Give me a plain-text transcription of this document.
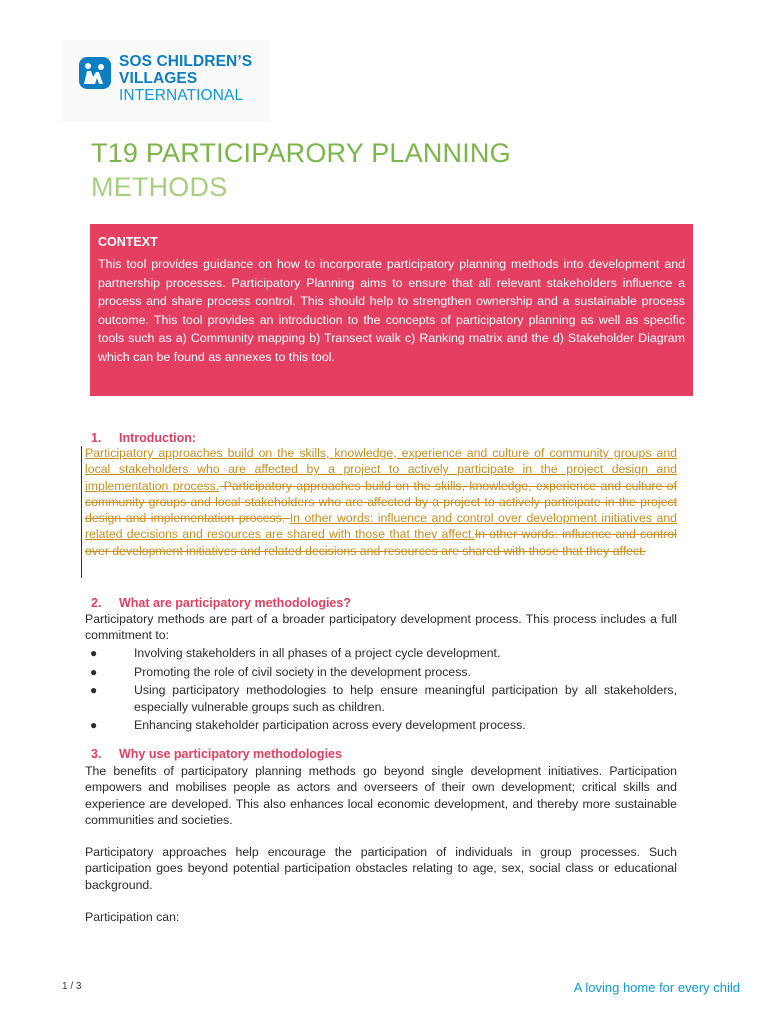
SOS CHILDREN’S
VILLAGES
INTERNATIONAL
T19 PARTICIPARORY PLANNING
METHODS
CONTEXT
This tool provides guidance on how to incorporate participatory planning methods into development and partnership processes. Participatory Planning aims to ensure that all relevant stakeholders influence a process and share process control. This should help to strengthen ownership and a sustainable process outcome. This tool provides an introduction to the concepts of participatory planning as well as specific tools such as a) Community mapping b) Transect walk c) Ranking matrix and the d) Stakeholder Diagram which can be found as annexes to this tool.
1. Introduction:
Participatory approaches build on the skills, knowledge, experience and culture of community groups and local stakeholders who are affected by a project to actively participate in the project design and implementation process. Participatory approaches build on the skills, knowledge, experience and culture of community groups and local stakeholders who are affected by a project to actively participate in the project design and implementation process. In other words: influence and control over development initiatives and related decisions and resources are shared with those that they affect.In other words: influence and control over development initiatives and related decisions and resources are shared with those that they affect.
2. What are participatory methodologies?
Participatory methods are part of a broader participatory development process. This process includes a full commitment to:
●	Involving stakeholders in all phases of a project cycle development.
●	Promoting the role of civil society in the development process.
●	Using participatory methodologies to help ensure meaningful participation by all stakeholders, especially vulnerable groups such as children.
●	Enhancing stakeholder participation across every development process.
3. Why use participatory methodologies
The benefits of participatory planning methods go beyond single development initiatives. Participation empowers and mobilises people as actors and overseers of their own development; critical skills and experience are developed. This also enhances local economic development, and thereby more sustainable communities and societies.
Participatory approaches help encourage the participation of individuals in group processes. Such participation goes beyond potential participation obstacles relating to age, sex, social class or educational background.
Participation can:
1 / 3	A loving home for every child
